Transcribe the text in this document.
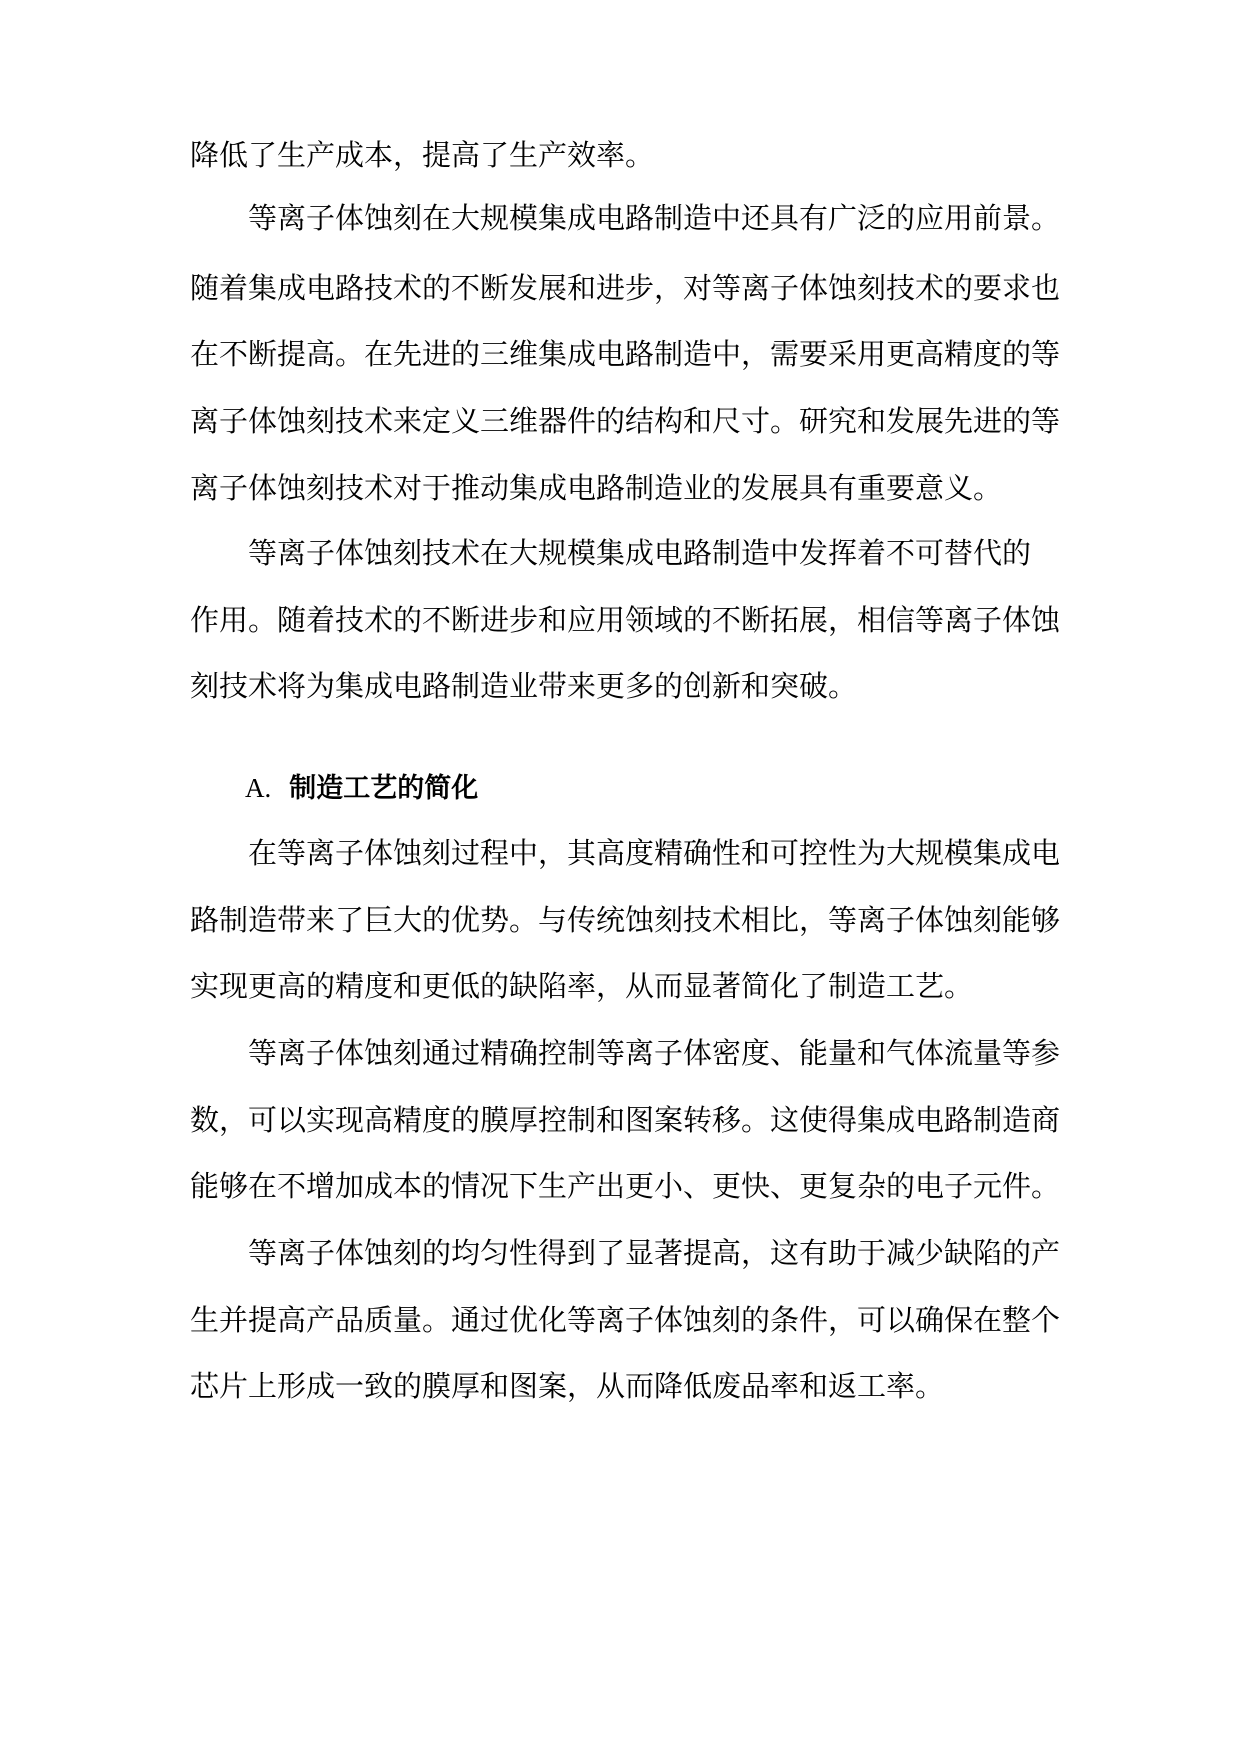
降低了生产成本，提高了生产效率。
等离子体蚀刻在大规模集成电路制造中还具有广泛的应用前景。
随着集成电路技术的不断发展和进步，对等离子体蚀刻技术的要求也
在不断提高。在先进的三维集成电路制造中，需要采用更高精度的等
离子体蚀刻技术来定义三维器件的结构和尺寸。研究和发展先进的等
离子体蚀刻技术对于推动集成电路制造业的发展具有重要意义。
等离子体蚀刻技术在大规模集成电路制造中发挥着不可替代的
作用。随着技术的不断进步和应用领域的不断拓展，相信等离子体蚀
刻技术将为集成电路制造业带来更多的创新和突破。
A. 制造工艺的简化
在等离子体蚀刻过程中，其高度精确性和可控性为大规模集成电
路制造带来了巨大的优势。与传统蚀刻技术相比，等离子体蚀刻能够
实现更高的精度和更低的缺陷率，从而显著简化了制造工艺。
等离子体蚀刻通过精确控制等离子体密度、能量和气体流量等参
数，可以实现高精度的膜厚控制和图案转移。这使得集成电路制造商
能够在不增加成本的情况下生产出更小、更快、更复杂的电子元件。
等离子体蚀刻的均匀性得到了显著提高，这有助于减少缺陷的产
生并提高产品质量。通过优化等离子体蚀刻的条件，可以确保在整个
芯片上形成一致的膜厚和图案，从而降低废品率和返工率。
